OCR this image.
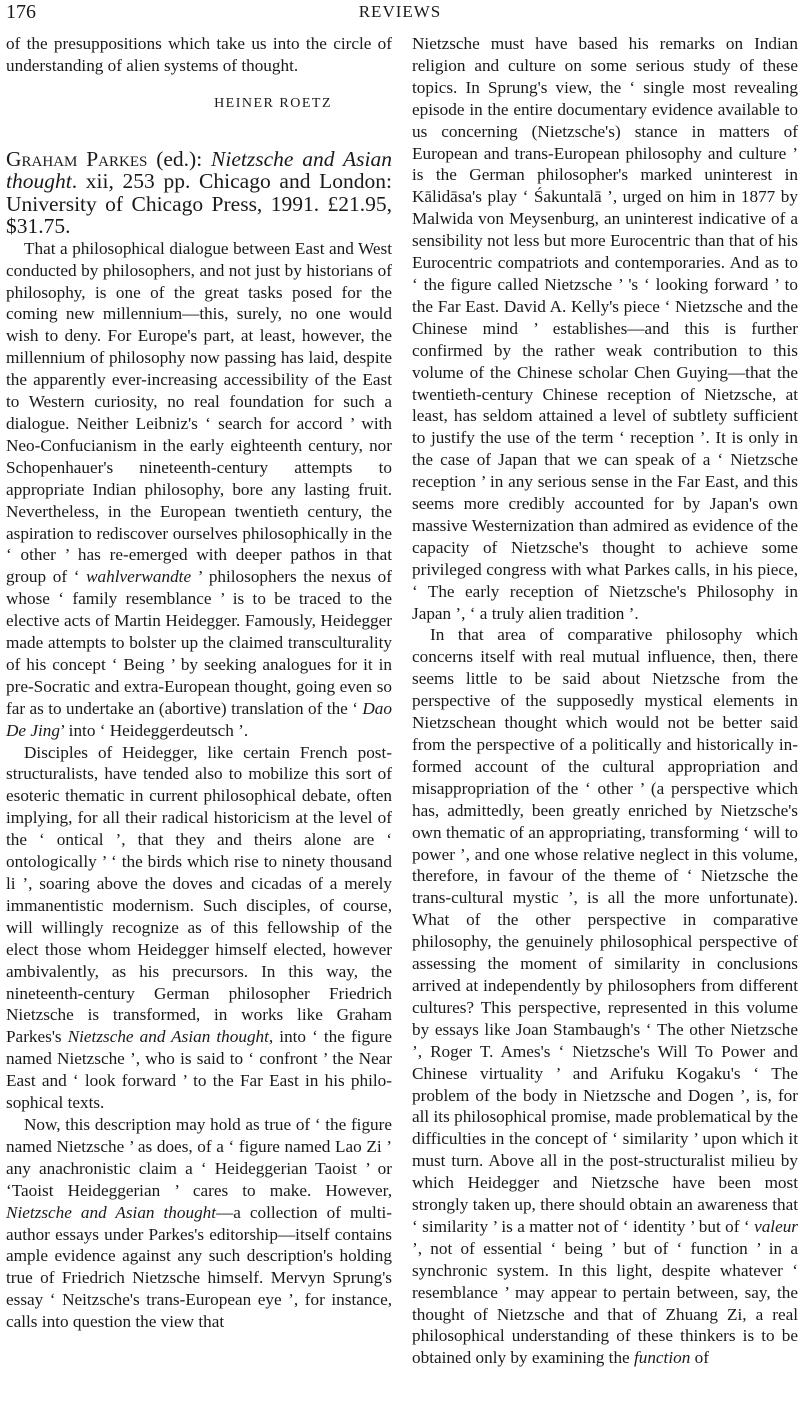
176	REVIEWS

of the presuppositions which take us into the circle of understanding of alien systems of thought.

HEINER ROETZ

Graham Parkes (ed.): Nietzsche and Asian thought. xii, 253 pp. Chicago and London: University of Chicago Press, 1991. £21.95, $31.75.

That a philosophical dialogue between East and West conducted by philosophers, and not just by historians of philosophy, is one of the great tasks posed for the coming new millennium—this, surely, no one would wish to deny. For Europe's part, at least, however, the millennium of philosophy now passing has laid, despite the apparently ever-increasing accessibility of the East to Western curiosity, no real foundation for such a dialogue. Neither Leibniz's ‘ search for accord ’ with Neo-Confucianism in the early eighteenth century, nor Schopenhauer's nineteenth-century attempts to appropriate Indian philosophy, bore any lasting fruit. Nevertheless, in the European twentieth century, the aspiration to rediscover ourselves philosophically in the ‘ other ’ has re-emerged with deeper pathos in that group of ‘ wahlverwandte ’ philosophers the nexus of whose ‘ family resemblance ’ is to be traced to the elective acts of Martin Heidegger. Famously, Heidegger made attempts to bolster up the claimed transculturality of his concept ‘ Being ’ by seeking analogues for it in pre-Socratic and extra-European thought, going even so far as to undertake an (abortive) translation of the ‘ Dao De Jing’ into ‘ Heideggerdeutsch ’.

Disciples of Heidegger, like certain French post-structuralists, have tended also to mobilize this sort of esoteric thematic in current philosophical debate, often implying, for all their radical historicism at the level of the ‘ ontical ’, that they and theirs alone are ‘ ontologically ’ ‘ the birds which rise to ninety thousand li ’, soaring above the doves and cicadas of a merely immanentistic modernism. Such disciples, of course, will willingly recognize as of this fellowship of the elect those whom Heidegger himself elected, however ambivalently, as his precursors. In this way, the nineteenth-century German philosopher Friedrich Nietzsche is transformed, in works like Graham Parkes's Nietzsche and Asian thought, into ‘ the figure named Nietzsche ’, who is said to ‘ confront ’ the Near East and ‘ look forward ’ to the Far East in his philosophical texts.

Now, this description may hold as true of ‘ the figure named Nietzsche ’ as does, of a ‘ figure named Lao Zi ’ any anachronistic claim a ‘ Heideggerian Taoist ’ or ‘Taoist Heideggerian ’ cares to make. However, Nietzsche and Asian thought—a collection of multi-author essays under Parkes's editorship—itself contains ample evidence against any such description's holding true of Friedrich Nietzsche himself. Mervyn Sprung's essay ‘ Neitzsche's trans-European eye ’, for instance, calls into question the view that

Nietzsche must have based his remarks on Indian religion and culture on some serious study of these topics. In Sprung's view, the ‘ single most revealing episode in the entire documentary evidence available to us concerning (Nietzsche's) stance in matters of European and trans-European philosophy and culture ’ is the German philosopher's marked uninterest in Kālidāsa's play ‘ Śakuntalā ’, urged on him in 1877 by Malwida von Meysenburg, an uninterest indicative of a sensibility not less but more Eurocentric than that of his Eurocentric compatriots and contemporaries. And as to ‘ the figure called Nietzsche ’ 's ‘ looking forward ’ to the Far East. David A. Kelly's piece ‘ Nietzsche and the Chinese mind ’ establishes—and this is further confirmed by the rather weak contribution to this volume of the Chinese scholar Chen Guying—that the twentieth-century Chinese reception of Nietzsche, at least, has seldom attained a level of subtlety sufficient to justify the use of the term ‘ reception ’. It is only in the case of Japan that we can speak of a ‘ Nietzsche reception ’ in any serious sense in the Far East, and this seems more credibly accounted for by Japan's own massive Westernization than admired as evidence of the capacity of Nietzsche's thought to achieve some privileged congress with what Parkes calls, in his piece, ‘ The early reception of Nietzsche's Philosophy in Japan ’, ‘ a truly alien tradition ’.

In that area of comparative philosophy which concerns itself with real mutual influence, then, there seems little to be said about Nietzsche from the perspective of the supposedly mystical elements in Nietzschean thought which would not be better said from the perspective of a politically and historically informed account of the cultural appropriation and misappropriation of the ‘ other ’ (a perspective which has, admittedly, been greatly enriched by Nietzsche's own thematic of an appropriating, transforming ‘ will to power ’, and one whose relative neglect in this volume, therefore, in favour of the theme of ‘ Nietzsche the trans-cultural mystic ’, is all the more unfortunate). What of the other perspective in comparative philosophy, the genuinely philosophical perspective of assessing the moment of similarity in conclusions arrived at independently by philosophers from different cultures? This perspective, represented in this volume by essays like Joan Stambaugh's ‘ The other Nietzsche ’, Roger T. Ames's ‘ Nietzsche's Will To Power and Chinese virtuality ’ and Arifuku Kogaku's ‘ The problem of the body in Nietzsche and Dogen ’, is, for all its philosophical promise, made problematical by the difficulties in the concept of ‘ similarity ’ upon which it must turn. Above all in the post-structuralist milieu by which Heidegger and Nietzsche have been most strongly taken up, there should obtain an awareness that ‘ similarity ’ is a matter not of ‘ identity ’ but of ‘ valeur ’, not of essential ‘ being ’ but of ‘ function ’ in a synchronic system. In this light, despite whatever ‘ resemblance ’ may appear to pertain between, say, the thought of Nietzsche and that of Zhuang Zi, a real philosophical understanding of these thinkers is to be obtained only by examining the function of
